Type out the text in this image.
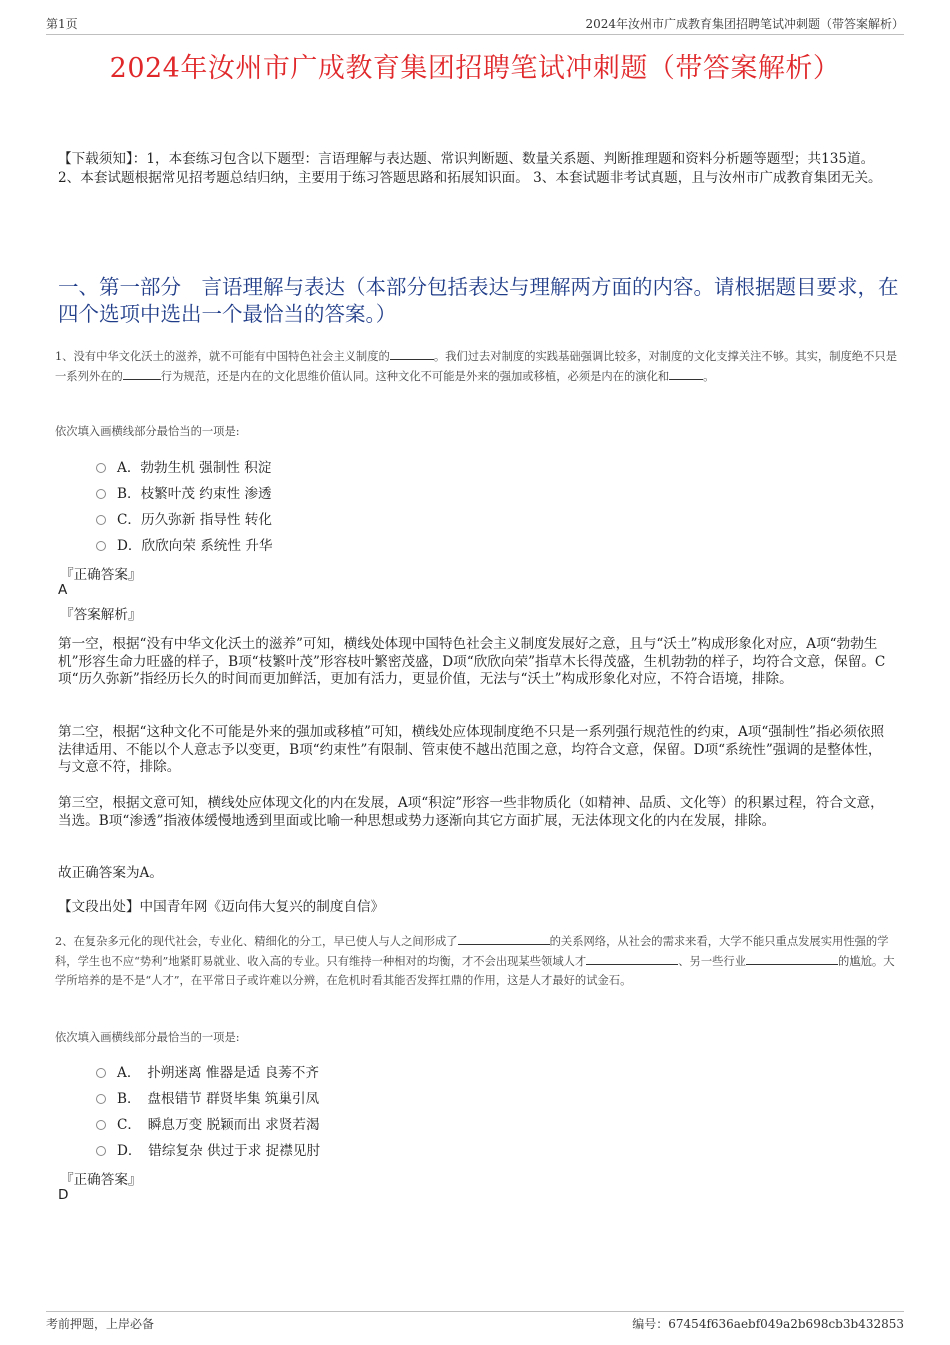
第1页	2024年汝州市广成教育集团招聘笔试冲刺题（带答案解析）
2024年汝州市广成教育集团招聘笔试冲刺题（带答案解析）
【下载须知】：1，本套练习包含以下题型：言语理解与表达题、常识判断题、数量关系题、判断推理题和资料分析题等题型；共135道。 2、本套试题根据常见招考题总结归纳，主要用于练习答题思路和拓展知识面。 3、本套试题非考试真题，且与汝州市广成教育集团无关。
一、第一部分　言语理解与表达（本部分包括表达与理解两方面的内容。请根据题目要求，在四个选项中选出一个最恰当的答案。）
1、没有中华文化沃土的滋养，就不可能有中国特色社会主义制度的	。我们过去对制度的实践基础强调比较多，对制度的文化支撑关注不够。其实，制度绝不只是一系列外在的	行为规范，还是内在的文化思维价值认同。这种文化不可能是外来的强加或移植，必须是内在的演化和	。
依次填入画横线部分最恰当的一项是:
A．勃勃生机 强制性 积淀
B．枝繁叶茂 约束性 渗透
C．历久弥新 指导性 转化
D．欣欣向荣 系统性 升华
『正确答案』
A
『答案解析』
第一空，根据“没有中华文化沃土的滋养”可知，横线处体现中国特色社会主义制度发展好之意，且与“沃土”构成形象化对应，A项“勃勃生机”形容生命力旺盛的样子，B项“枝繁叶茂”形容枝叶繁密茂盛，D项“欣欣向荣”指草木长得茂盛，生机勃勃的样子，均符合文意，保留。C项“历久弥新”指经历长久的时间而更加鲜活，更加有活力，更显价值，无法与“沃土”构成形象化对应，不符合语境，排除。
第二空，根据“这种文化不可能是外来的强加或移植”可知，横线处应体现制度绝不只是一系列强行规范性的约束，A项“强制性”指必须依照法律适用、不能以个人意志予以变更，B项“约束性”有限制、管束使不越出范围之意，均符合文意，保留。D项“系统性”强调的是整体性，与文意不符，排除。
第三空，根据文意可知，横线处应体现文化的内在发展，A项“积淀”形容一些非物质化（如精神、品质、文化等）的积累过程，符合文意，当选。B项“渗透”指液体缓慢地透到里面或比喻一种思想或势力逐渐向其它方面扩展，无法体现文化的内在发展，排除。
故正确答案为A。
【文段出处】中国青年网《迈向伟大复兴的制度自信》
2、在复杂多元化的现代社会，专业化、精细化的分工，早已使人与人之间形成了	的关系网络，从社会的需求来看，大学不能只重点发展实用性强的学科，学生也不应“势利”地紧盯易就业、收入高的专业。只有维持一种相对的均衡，才不会出现某些领域人才	、另一些行业	的尴尬。大学所培养的是不是“人才”，在平常日子或许难以分辨，在危机时看其能否发挥扛鼎的作用，这是人才最好的试金石。
依次填入画横线部分最恰当的一项是:
A．　扑朔迷离 惟器是适 良莠不齐
B．　盘根错节 群贤毕集 筑巢引凤
C．　瞬息万变 脱颖而出 求贤若渴
D．　错综复杂 供过于求 捉襟见肘
『正确答案』
D
考前押题，上岸必备	编号：67454f636aebf049a2b698cb3b432853
